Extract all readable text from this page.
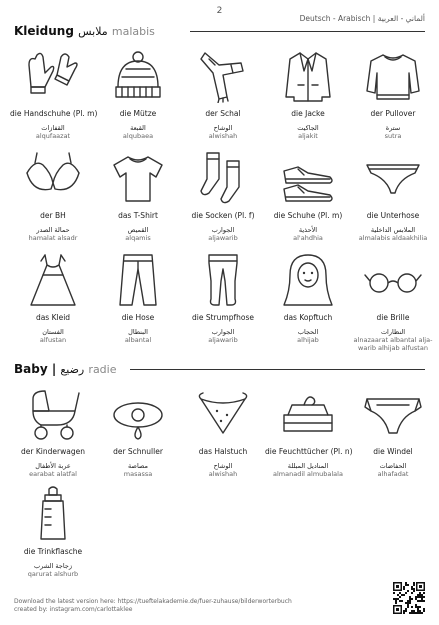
2
Deutsch - Arabisch | ألماني - العربية
Kleidung ملابس malabis
Baby | رضيع radie
die Handschuhe (Pl. m)
القفازات
alqufaazat
die Mütze
القبعة
alqubaea
der Schal
الوشاح
alwishah
die Jacke
الجاكيت
aljakit
der Pullover
سترة
sutra
der BH
حمالة الصدر
hamalat alsadr
das T-Shirt
القميص
alqamis
die Socken (Pl. f)
الجوارب
aljawarib
die Schuhe (Pl. m)
الأحذية
al'ahdhia
die Unterhose
الملابس الداخلية
almalabis aldaakhilia
das Kleid
الفستان
alfustan
die Hose
البنطال
albantal
die Strumpfhose
الجوارب
aljawarib
das Kopftuch
الحجاب
alhijab
die Brille
النظارات
alnazaarat albantal alja- warib alhijab alfustan
der Kinderwagen
عربة الأطفال
earabat alatfal
der Schnuller
مصاصة
masassa
das Halstuch
الوشاح
alwishah
die Feuchttücher (Pl. n)
المناديل المبللة
almanadil almubalala
die Windel
الحفاضات
alhafadat
die Trinkflasche
زجاجة الشرب
qarurat alshurb
Download the latest version here: https://tueftelakademie.de/fuer-zuhause/bilderworterbuch
created by: instagram.com/carlottaklee
